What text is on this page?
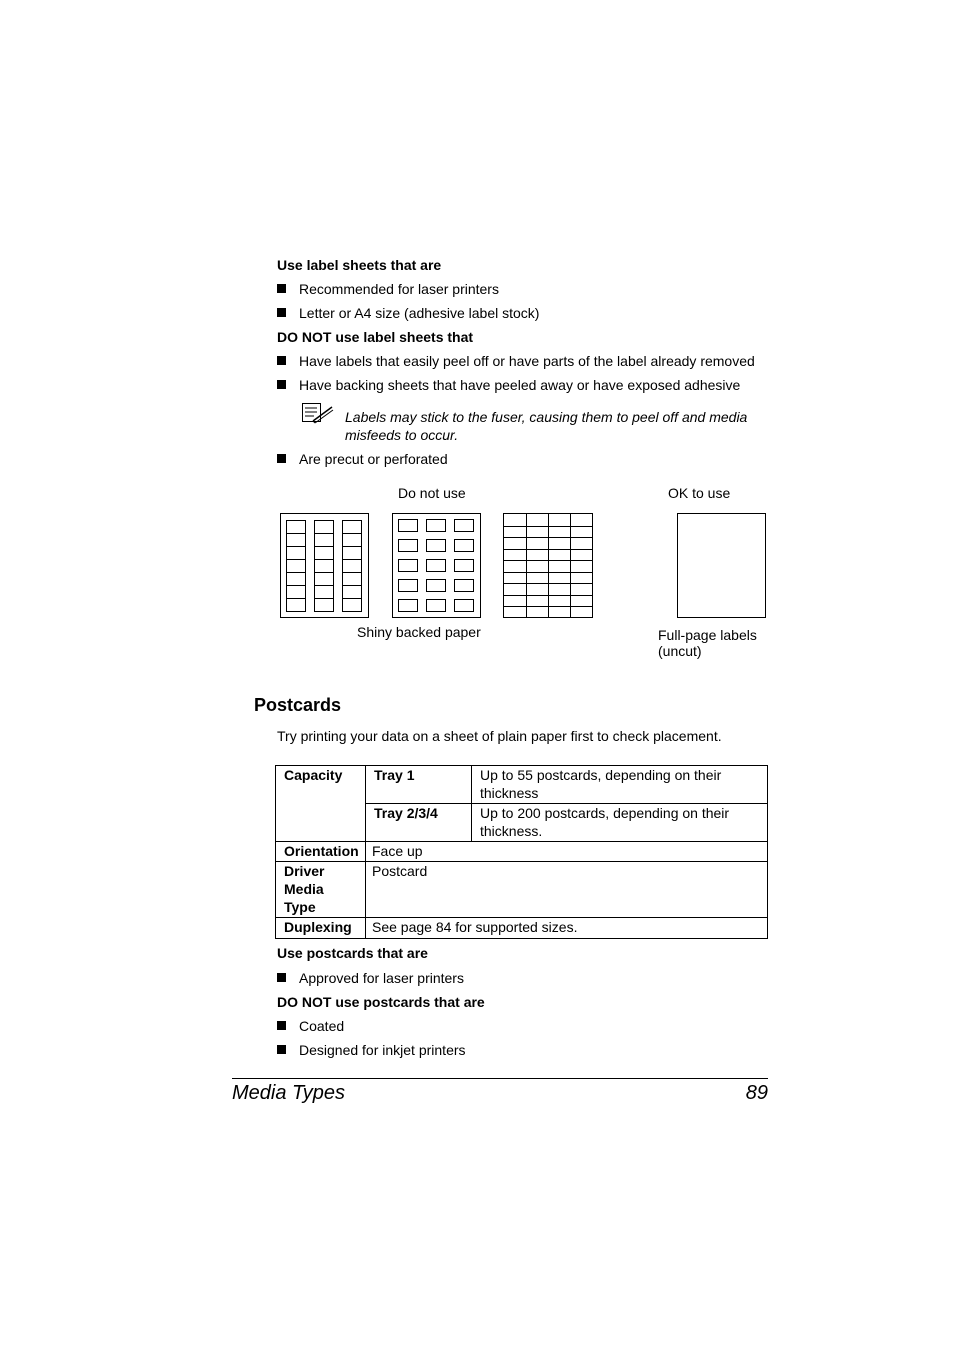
Use label sheets that are
Recommended for laser printers
Letter or A4 size (adhesive label stock)
DO NOT use label sheets that
Have labels that easily peel off or have parts of the label already removed
Have backing sheets that have peeled away or have exposed adhesive
Labels may stick to the fuser, causing them to peel off and media
misfeeds to occur.
Are precut or perforated
Do not use	OK to use
Shiny backed paper	Full-page labels
(uncut)
Postcards
Try printing your data on a sheet of plain paper first to check placement.
Capacity	Tray 1	Up to 55 postcards, depending on their
thickness

	Tray 2/3/4	Up to 200 postcards, depending on their
thickness.

Orientation	Face up	

Driver
Media Type	Postcard	
Duplexing	See page 84 for supported sizes.	
Use postcards that are
Approved for laser printers
DO NOT use postcards that are
Coated
Designed for inkjet printers
Media Types	89
